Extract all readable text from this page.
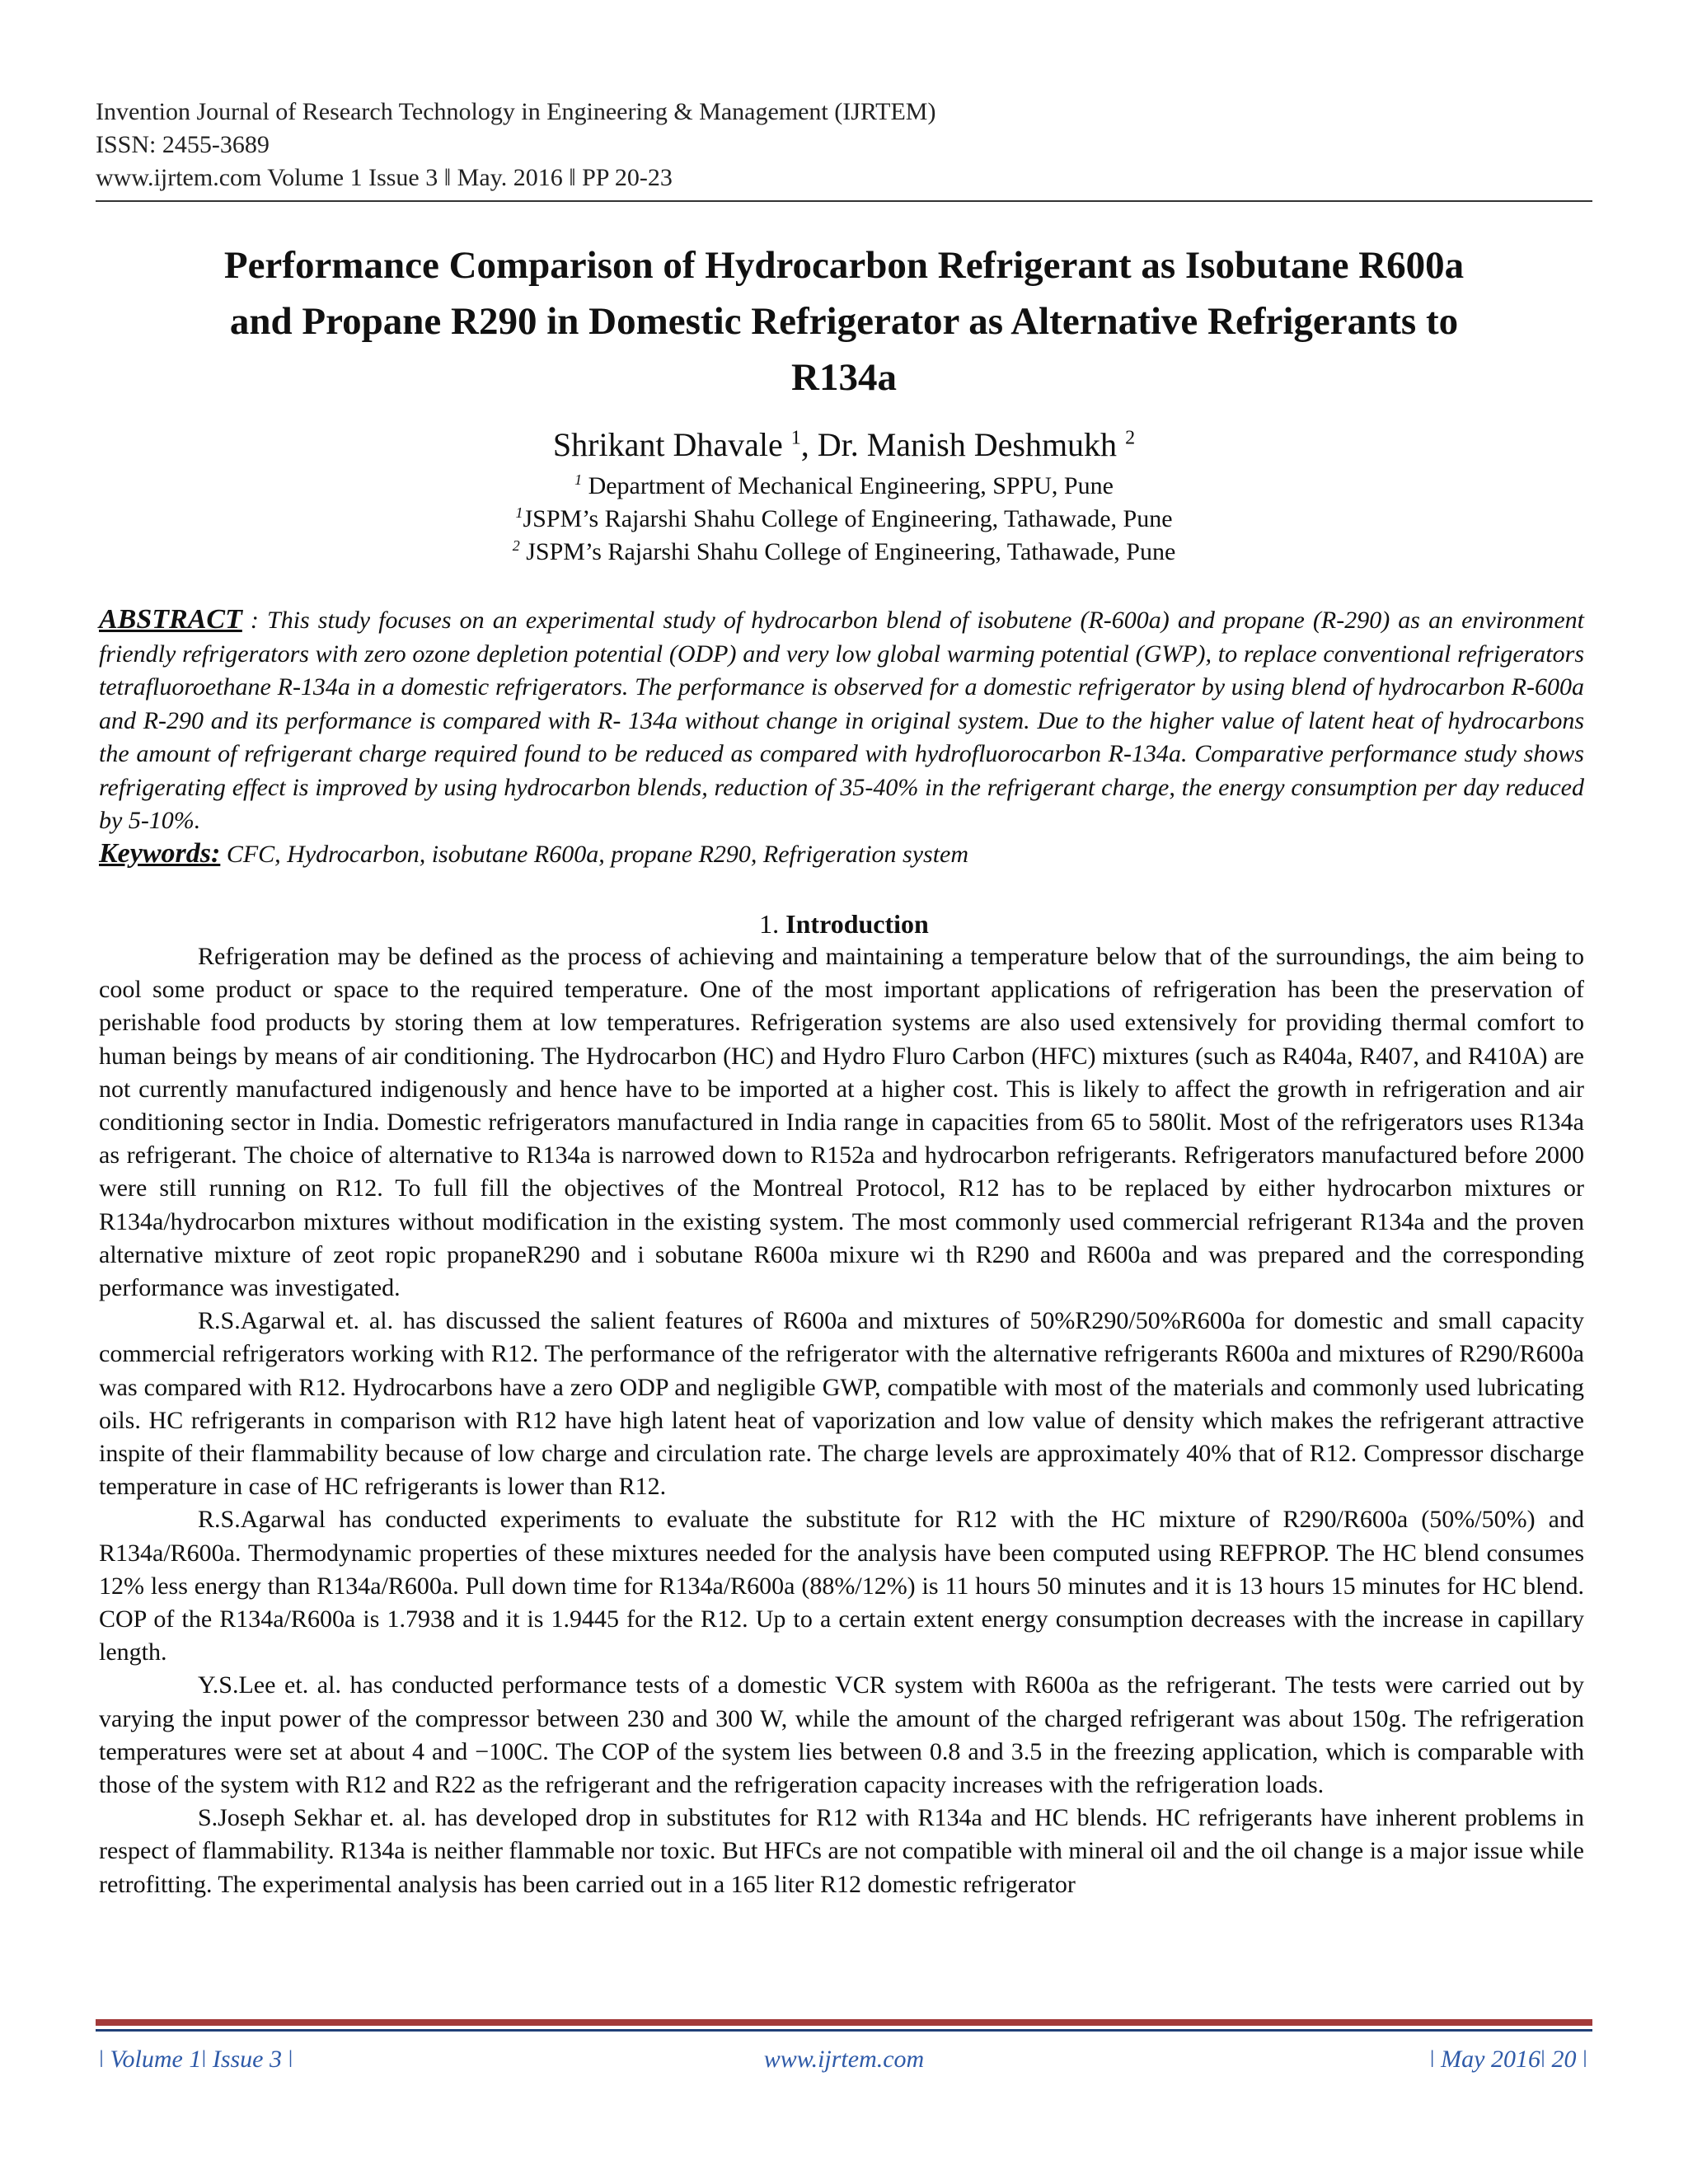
Invention Journal of Research Technology in Engineering & Management (IJRTEM)
ISSN: 2455-3689
www.ijrtem.com Volume 1 Issue 3 ǁ May. 2016 ǁ PP 20-23
Performance Comparison of Hydrocarbon Refrigerant as Isobutane R600a
and Propane R290 in Domestic Refrigerator as Alternative Refrigerants to
R134a
Shrikant Dhavale $^1$, Dr. Manish Deshmukh $^2$
$^1$ Department of Mechanical Engineering, SPPU, Pune
$^1$JSPM’s Rajarshi Shahu College of Engineering, Tathawade, Pune
$^2$ JSPM’s Rajarshi Shahu College of Engineering, Tathawade, Pune

ABSTRACT : This study focuses on an experimental study of hydrocarbon blend of isobutene (R-600a) and propane (R-290) as an environment friendly refrigerators with zero ozone depletion potential (ODP) and very low global warming potential (GWP), to replace conventional refrigerators tetrafluoroethane R-134a in a domestic refrigerators. The performance is observed for a domestic refrigerator by using blend of hydrocarbon R-600a and R-290 and its performance is compared with R- 134a without change in original system. Due to the higher value of latent heat of hydrocarbons the amount of refrigerant charge required found to be reduced as compared with hydrofluorocarbon R-134a. Comparative performance study shows refrigerating effect is improved by using hydrocarbon blends, reduction of 35-40% in the refrigerant charge, the energy consumption per day reduced by 5-10%.

Keywords: CFC, Hydrocarbon, isobutane R600a, propane R290, Refrigeration system
1. Introduction

Refrigeration may be defined as the process of achieving and maintaining a temperature below that of the surroundings, the aim being to cool some product or space to the required temperature. One of the most important applications of refrigeration has been the preservation of perishable food products by storing them at low temperatures. Refrigeration systems are also used extensively for providing thermal comfort to human beings by means of air conditioning. The Hydrocarbon (HC) and Hydro Fluro Carbon (HFC) mixtures (such as R404a, R407, and R410A) are not currently manufactured indigenously and hence have to be imported at a higher cost. This is likely to affect the growth in refrigeration and air conditioning sector in India. Domestic refrigerators manufactured in India range in capacities from 65 to 580lit. Most of the refrigerators uses R134a as refrigerant. The choice of alternative to R134a is narrowed down to R152a and hydrocarbon refrigerants. Refrigerators manufactured before 2000 were still running on R12. To full fill the objectives of the Montreal Protocol, R12 has to be replaced by either hydrocarbon mixtures or R134a/hydrocarbon mixtures without modification in the existing system. The most commonly used commercial refrigerant R134a and the proven alternative mixture of zeot ropic propaneR290 and i sobutane R600a mixure wi th R290 and R600a and was prepared and the corresponding performance was investigated.

R.S.Agarwal et. al. has discussed the salient features of R600a and mixtures of 50%R290/50%R600a for domestic and small capacity commercial refrigerators working with R12. The performance of the refrigerator with the alternative refrigerants R600a and mixtures of R290/R600a was compared with R12. Hydrocarbons have a zero ODP and negligible GWP, compatible with most of the materials and commonly used lubricating oils. HC refrigerants in comparison with R12 have high latent heat of vaporization and low value of density which makes the refrigerant attractive inspite of their flammability because of low charge and circulation rate. The charge levels are approximately 40% that of R12. Compressor discharge temperature in case of HC refrigerants is lower than R12.

R.S.Agarwal has conducted experiments to evaluate the substitute for R12 with the HC mixture of R290/R600a (50%/50%) and R134a/R600a. Thermodynamic properties of these mixtures needed for the analysis have been computed using REFPROP. The HC blend consumes 12% less energy than R134a/R600a. Pull down time for R134a/R600a (88%/12%) is 11 hours 50 minutes and it is 13 hours 15 minutes for HC blend. COP of the R134a/R600a is 1.7938 and it is 1.9445 for the R12. Up to a certain extent energy consumption decreases with the increase in capillary length.

Y.S.Lee et. al. has conducted performance tests of a domestic VCR system with R600a as the refrigerant. The tests were carried out by varying the input power of the compressor between 230 and 300 W, while the amount of the charged refrigerant was about 150g. The refrigeration temperatures were set at about 4 and −100C. The COP of the system lies between 0.8 and 3.5 in the freezing application, which is comparable with those of the system with R12 and R22 as the refrigerant and the refrigeration capacity increases with the refrigeration loads.

S.Joseph Sekhar et. al. has developed drop in substitutes for R12 with R134a and HC blends. HC refrigerants have inherent problems in respect of flammability. R134a is neither flammable nor toxic. But HFCs are not compatible with mineral oil and the oil change is a major issue while retrofitting. The experimental analysis has been carried out in a 165 liter R12 domestic refrigerator

ǀ Volume 1ǀ Issue 3 ǀ	www.ijrtem.com	ǀ May 2016ǀ 20 ǀ
